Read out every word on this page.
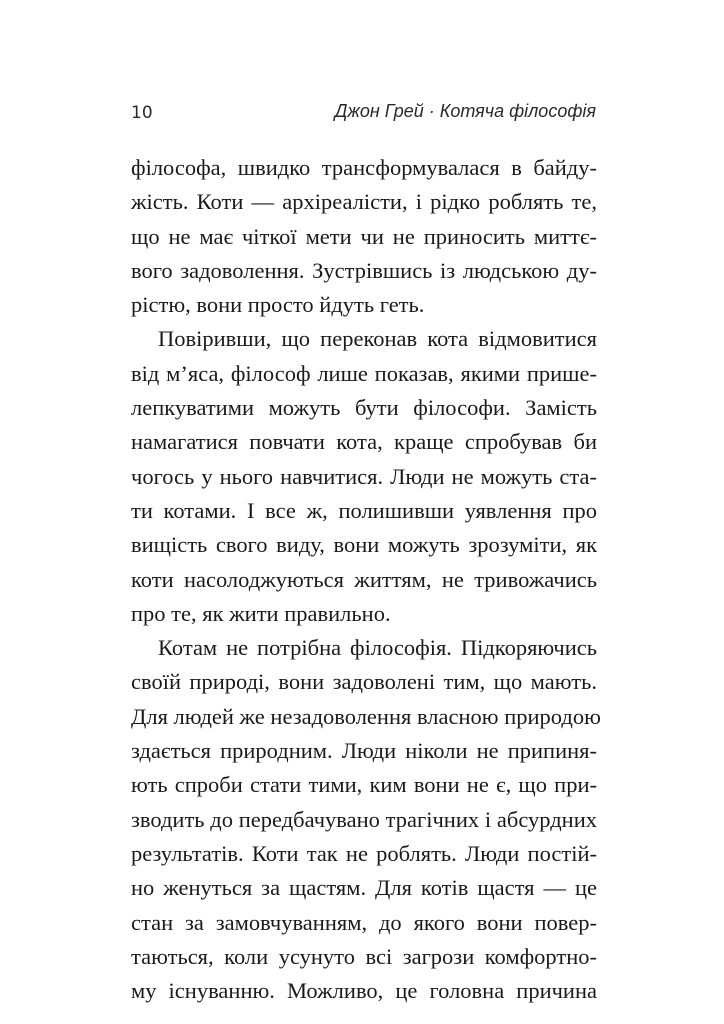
10	Джон Грей · Котяча філософія
філософа, швидко трансформувалася в байду-
жість. Коти — архіреалісти, і рідко роблять те,
що не має чіткої мети чи не приносить миттє-
вого задоволення. Зустрівшись із людською ду-
рістю, вони просто йдуть геть.
Повіривши, що переконав кота відмовитися
від м’яса, філософ лише показав, якими пришe-
лепкуватими можуть бути філософи. Замість
намагатися повчати кота, краще спробував би
чогось у нього навчитися. Люди не можуть ста-
ти котами. І все ж, полишивши уявлення про
вищість свого виду, вони можуть зрозуміти, як
коти насолоджуються життям, не тривожачись
про те, як жити правильно.
Котам не потрібна філософія. Підкоряючись
своїй природі, вони задоволені тим, що мають.
Для людей же незадоволення власною природою
здається природним. Люди ніколи не припиня-
ють спроби стати тими, ким вони не є, що при-
зводить до передбачувано трагічних і абсурдних
результатів. Коти так не роблять. Люди постій-
но женуться за щастям. Для котів щастя — це
стан за замовчуванням, до якого вони повер-
таються, коли усунуто всі загрози комфортно-
му існуванню. Можливо, це головна причина
